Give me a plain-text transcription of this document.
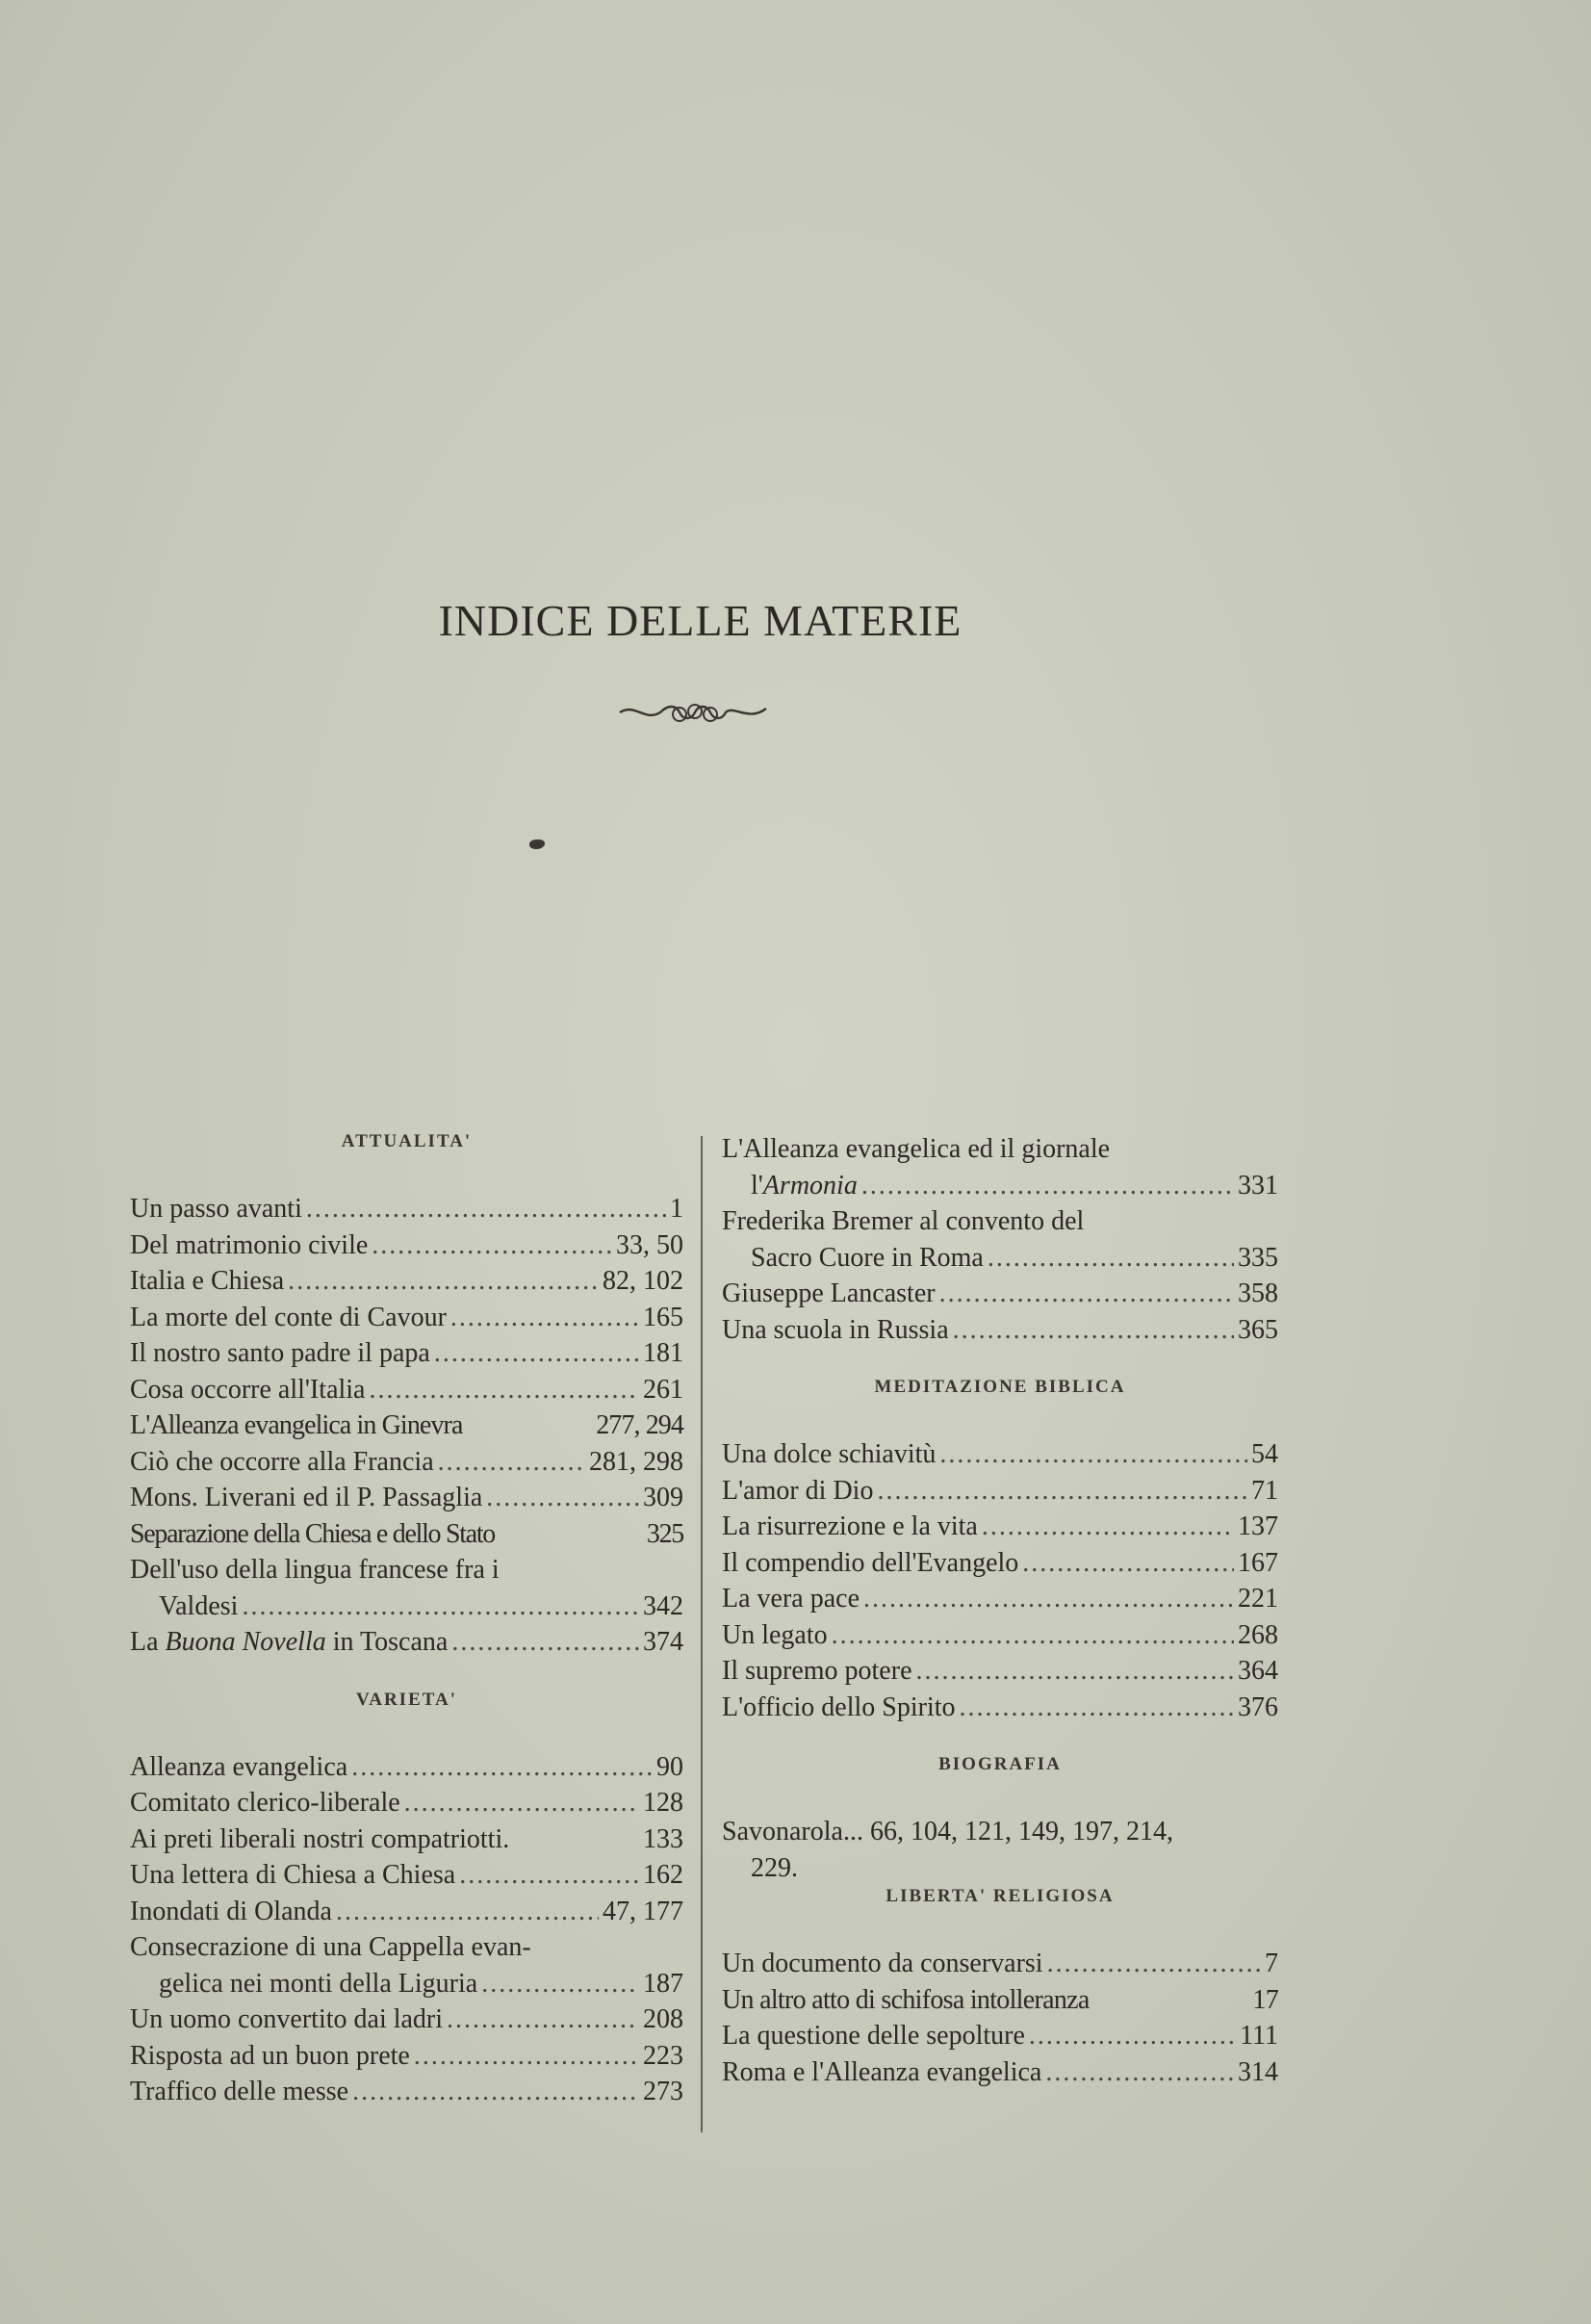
INDICE DELLE MATERIE
ATTUALITA'
Un passo avanti .....	1
Del matrimonio civile .....	33, 50
Italia e Chiesa .....	82, 102
La morte del conte di Cavour .....	165
Il nostro santo padre il papa .....	181
Cosa occorre all'Italia .....	261
L'Alleanza evangelica in Ginevra	277, 294
Ciò che occorre alla Francia .....	281, 298
Mons. Liverani ed il P. Passaglia .....	309
Separazione della Chiesa e dello Stato	325
Dell'uso della lingua francese fra i
Valdesi .....	342
La Buona Novella in Toscana .....	374
VARIETA'
Alleanza evangelica .....	90
Comitato clerico-liberale .....	128
Ai preti liberali nostri compatriotti.	133
Una lettera di Chiesa a Chiesa .....	162
Inondati di Olanda .....	47, 177
Consecrazione di una Cappella evan-
gelica nei monti della Liguria .....	187
Un uomo convertito dai ladri .....	208
Risposta ad un buon prete .....	223
Traffico delle messe .....	273
L'Alleanza evangelica ed il giornale
l'Armonia .....	331
Frederika Bremer al convento del
Sacro Cuore in Roma .....	335
Giuseppe Lancaster .....	358
Una scuola in Russia .....	365
MEDITAZIONE BIBLICA
Una dolce schiavitù .....	54
L'amor di Dio .....	71
La risurrezione e la vita .....	137
Il compendio dell'Evangelo .....	167
La vera pace .....	221
Un legato .....	268
Il supremo potere .....	364
L'officio dello Spirito .....	376
BIOGRAFIA
Savonarola... 66, 104, 121, 149, 197, 214,
229.
LIBERTA' RELIGIOSA
Un documento da conservarsi .....	7
Un altro atto di schifosa intolleranza	17
La questione delle sepolture .....	111
Roma e l'Alleanza evangelica .....	314
